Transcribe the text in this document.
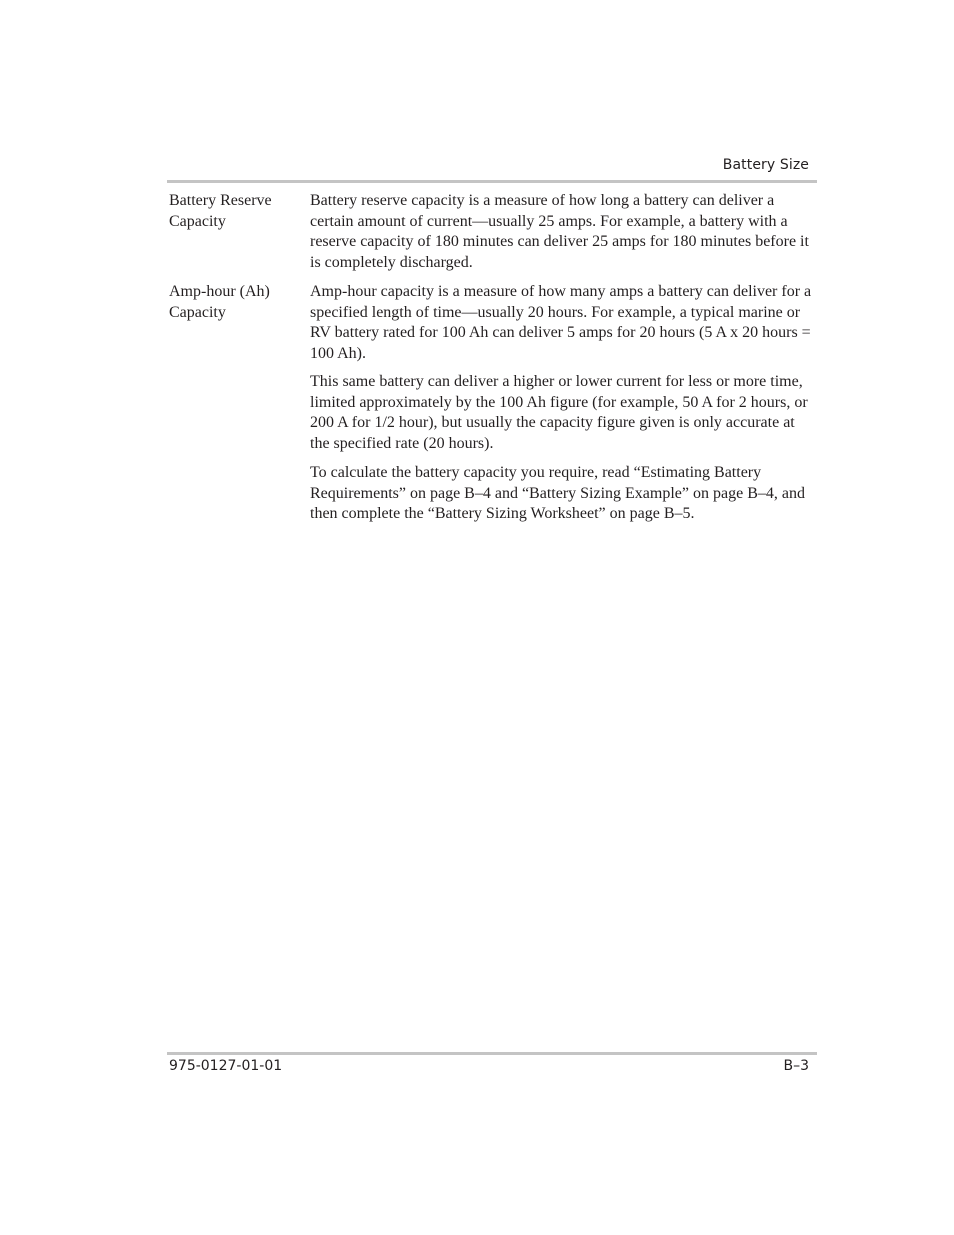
Battery Size
Battery Reserve Capacity

Battery reserve capacity is a measure of how long a battery can deliver a certain amount of current—usually 25 amps. For example, a battery with a reserve capacity of 180 minutes can deliver 25 amps for 180 minutes before it is completely discharged.

Amp-hour (Ah) Capacity

Amp-hour capacity is a measure of how many amps a battery can deliver for a specified length of time—usually 20 hours. For example, a typical marine or RV battery rated for 100 Ah can deliver 5 amps for 20 hours (5 A x 20 hours = 100 Ah).

This same battery can deliver a higher or lower current for less or more time, limited approximately by the 100 Ah figure (for example, 50 A for 2 hours, or 200 A for 1/2 hour), but usually the capacity figure given is only accurate at the specified rate (20 hours).

To calculate the battery capacity you require, read “Estimating Battery Requirements” on page B–4 and “Battery Sizing Example” on page B–4, and then complete the “Battery Sizing Worksheet” on page B–5.

975-0127-01-01	B–3
